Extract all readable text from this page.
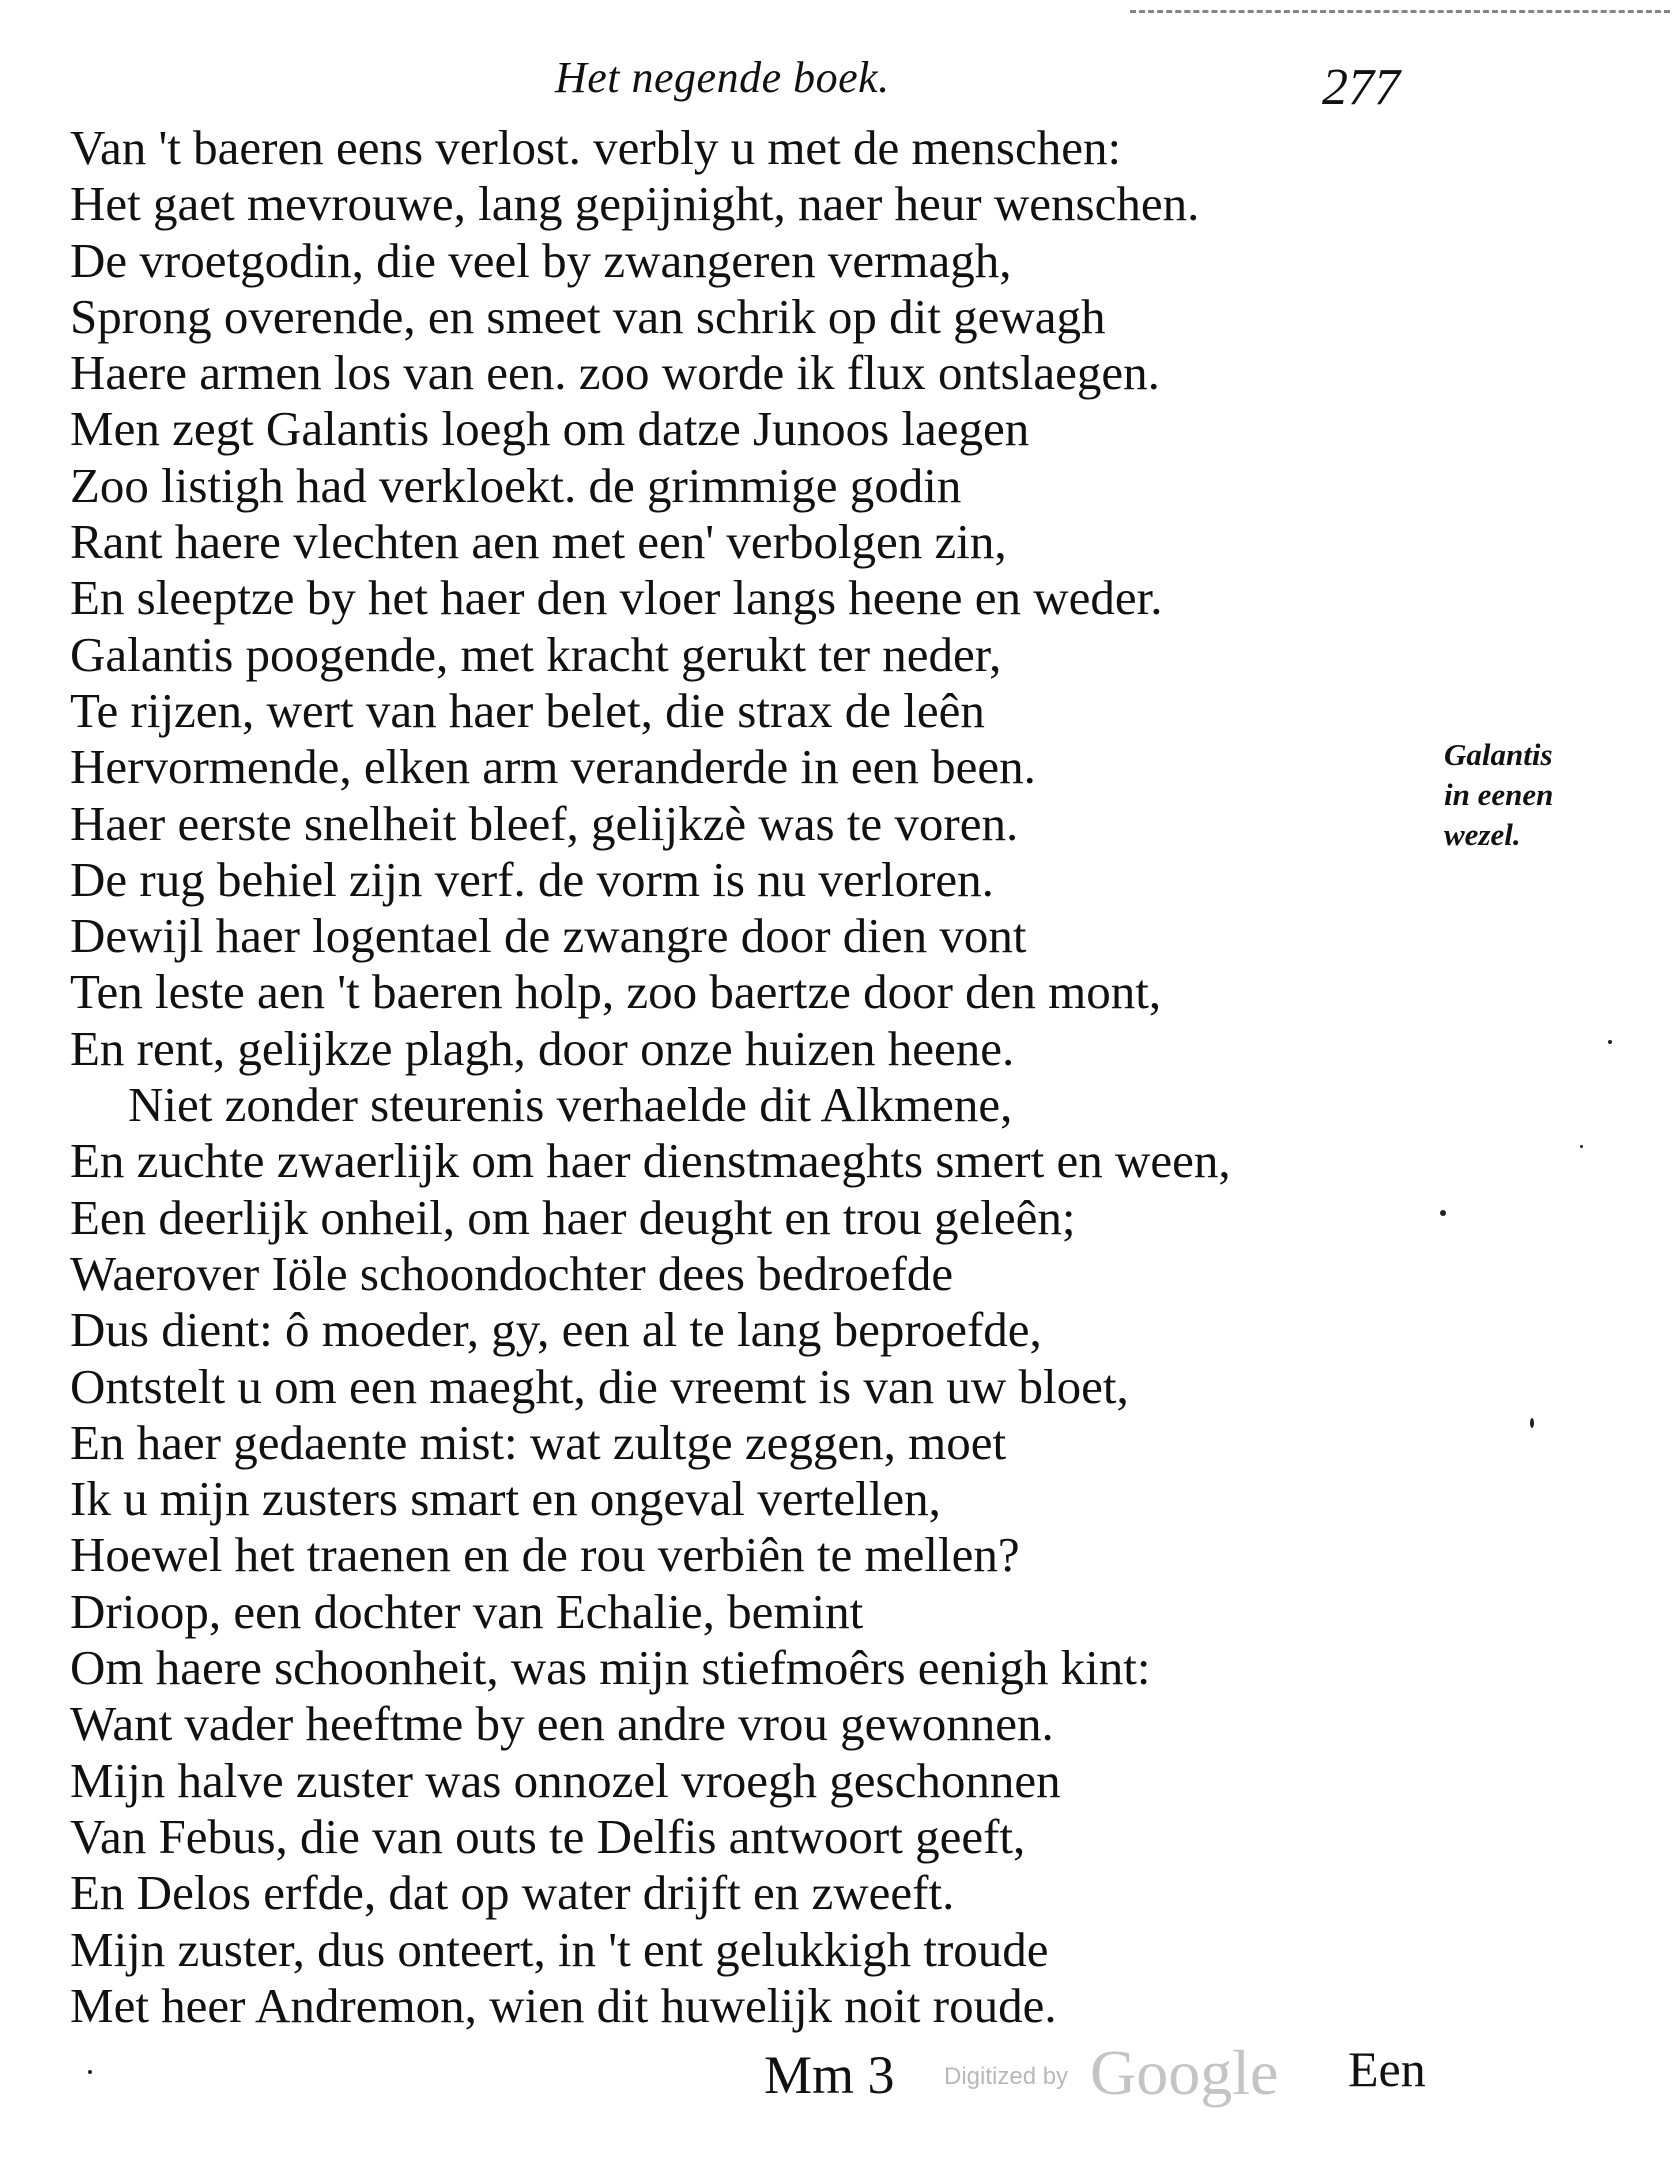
Het negende boek.	277
Van 't baeren eens verlost. verbly u met de menschen:
Het gaet mevrouwe, lang gepijnight, naer heur wenschen.
De vroetgodin, die veel by zwangeren vermagh,
Sprong overende, en smeet van schrik op dit gewagh
Haere armen los van een. zoo worde ik flux ontslaegen.
Men zegt Galantis loegh om datze Junoos laegen
Zoo listigh had verkloekt. de grimmige godin
Rant haere vlechten aen met een' verbolgen zin,
En sleeptze by het haer den vloer langs heene en weder.
Galantis poogende, met kracht gerukt ter neder,
Te rijzen, wert van haer belet, die strax de leên
Hervormende, elken arm veranderde in een been.
Haer eerste snelheit bleef, gelijkzè was te voren.
De rug behiel zijn verf. de vorm is nu verloren.
Dewijl haer logentael de zwangre door dien vont
Ten leste aen 't baeren holp, zoo baertze door den mont,
En rent, gelijkze plagh, door onze huizen heene.
Niet zonder steurenis verhaelde dit Alkmene,
En zuchte zwaerlijk om haer dienstmaeghts smert en ween,
Een deerlijk onheil, om haer deught en trou geleên;
Waerover Iöle schoondochter dees bedroefde
Dus dient: ô moeder, gy, een al te lang beproefde,
Ontstelt u om een maeght, die vreemt is van uw bloet,
En haer gedaente mist: wat zultge zeggen, moet
Ik u mijn zusters smart en ongeval vertellen,
Hoewel het traenen en de rou verbiên te mellen?
Drioop, een dochter van Echalie, bemint
Om haere schoonheit, was mijn stiefmoêrs eenigh kint:
Want vader heeftme by een andre vrou gewonnen.
Mijn halve zuster was onnozel vroegh geschonnen
Van Febus, die van outs te Delfis antwoort geeft,
En Delos erfde, dat op water drijft en zweeft.
Mijn zuster, dus onteert, in 't ent gelukkigh troude
Met heer Andremon, wien dit huwelijk noit roude.
Galantis
in eenen
wezel.
Mm 3	Een
Digitized by Google
